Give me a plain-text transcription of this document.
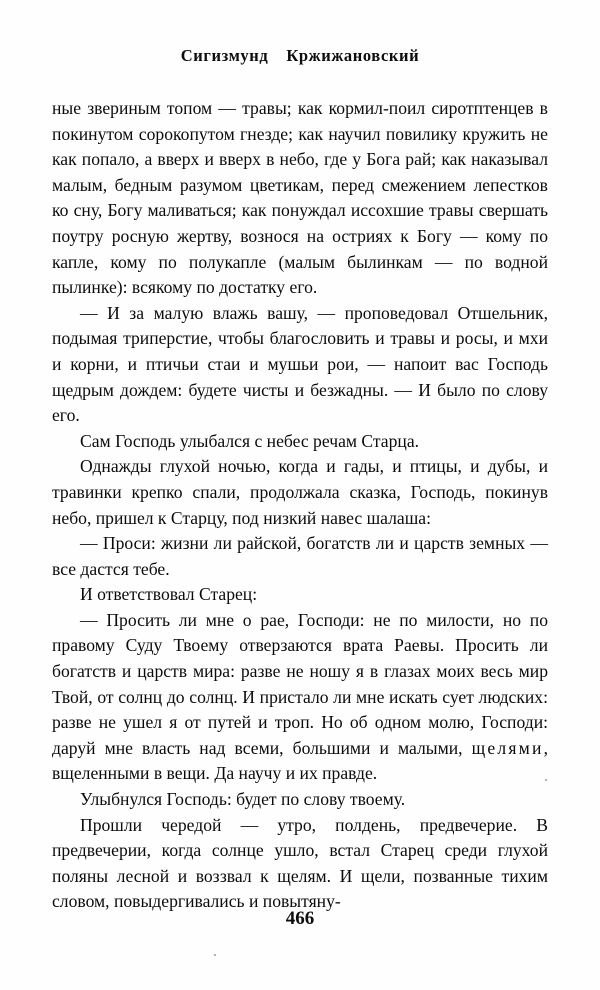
Сигизмунд Кржижановский

ные звериным топом — травы; как кормил-поил сиротптенцев в покинутом сорокопутом гнезде; как научил повилику кружить не как попало, а вверх и вверх в небо, где у Бога рай; как наказывал малым, бедным разумом цветикам, перед смежением лепестков ко сну, Богу маливаться; как понуждал иссохшие травы свершать поутру росную жертву, вознося на остриях к Богу — кому по капле, кому по полукапле (малым былинкам — по водной пылинке): всякому по достатку его.

— И за малую влажь вашу, — проповедовал Отшельник, подымая триперстие, чтобы благословить и травы и росы, и мхи и корни, и птичьи стаи и мушьи рои, — напоит вас Господь щедрым дождем: будете чисты и безжадны. — И было по слову его.

Сам Господь улыбался с небес речам Старца.

Однажды глухой ночью, когда и гады, и птицы, и дубы, и травинки крепко спали, продолжала сказка, Господь, покинув небо, пришел к Старцу, под низкий навес шалаша:

— Проси: жизни ли райской, богатств ли и царств земных — все дастся тебе.

И ответствовал Старец:

— Просить ли мне о рае, Господи: не по милости, но по правому Суду Твоему отверзаются врата Раевы. Просить ли богатств и царств мира: разве не ношу я в глазах моих весь мир Твой, от солнц до солнц. И пристало ли мне искать сует людских: разве не ушел я от путей и троп. Но об одном молю, Господи: даруй мне власть над всеми, большими и малыми, щелями, вщеленными в вещи. Да научу и их правде.

Улыбнулся Господь: будет по слову твоему.

Прошли чередой — утро, полдень, предвечерие. В предвечерии, когда солнце ушло, встал Старец среди глухой поляны лесной и воззвал к щелям. И щели, позванные тихим словом, повыдергивались и повытяну-

466
